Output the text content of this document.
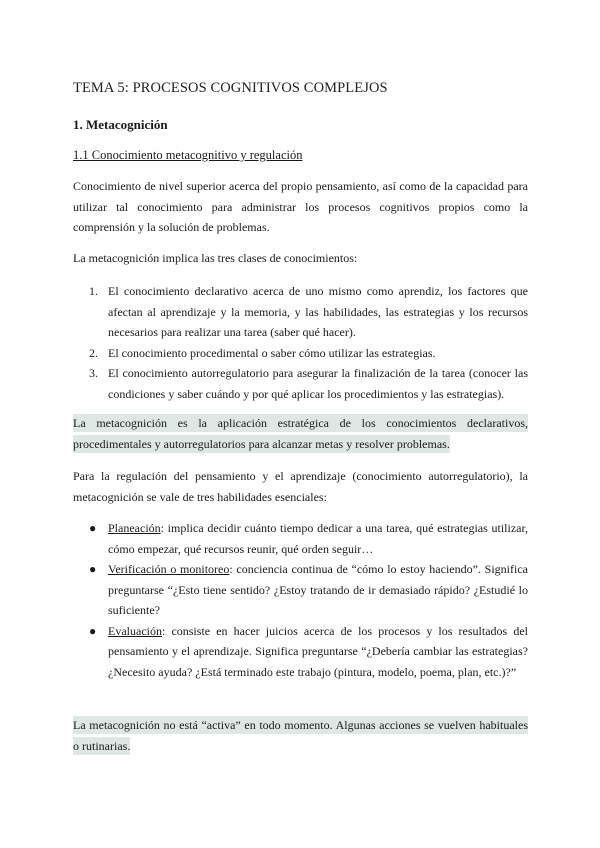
TEMA 5: PROCESOS COGNITIVOS COMPLEJOS
1. Metacognición
1.1 Conocimiento metacognitivo y regulación

Conocimiento de nivel superior acerca del propio pensamiento, así como de la capacidad para utilizar tal conocimiento para administrar los procesos cognitivos propios como la comprensión y la solución de problemas.

La metacognición implica las tres clases de conocimientos:

1. El conocimiento declarativo acerca de uno mismo como aprendiz, los factores que afectan al aprendizaje y la memoria, y las habilidades, las estrategias y los recursos necesarios para realizar una tarea (saber qué hacer).
2. El conocimiento procedimental o saber cómo utilizar las estrategias.
3. El conocimiento autorregulatorio para asegurar la finalización de la tarea (conocer las condiciones y saber cuándo y por qué aplicar los procedimientos y las estrategias).

La metacognición es la aplicación estratégica de los conocimientos declarativos, procedimentales y autorregulatorios para alcanzar metas y resolver problemas.

Para la regulación del pensamiento y el aprendizaje (conocimiento autorregulatorio), la metacognición se vale de tres habilidades esenciales:

● Planeación: implica decidir cuánto tiempo dedicar a una tarea, qué estrategias utilizar, cómo empezar, qué recursos reunir, qué orden seguir…
● Verificación o monitoreo: conciencia continua de “cómo lo estoy haciendo”. Significa preguntarse “¿Esto tiene sentido? ¿Estoy tratando de ir demasiado rápido? ¿Estudié lo suficiente?
● Evaluación: consiste en hacer juicios acerca de los procesos y los resultados del pensamiento y el aprendizaje. Significa preguntarse “¿Debería cambiar las estrategias? ¿Necesito ayuda? ¿Está terminado este trabajo (pintura, modelo, poema, plan, etc.)?”

La metacognición no está “activa” en todo momento. Algunas acciones se vuelven habituales o rutinarias.
